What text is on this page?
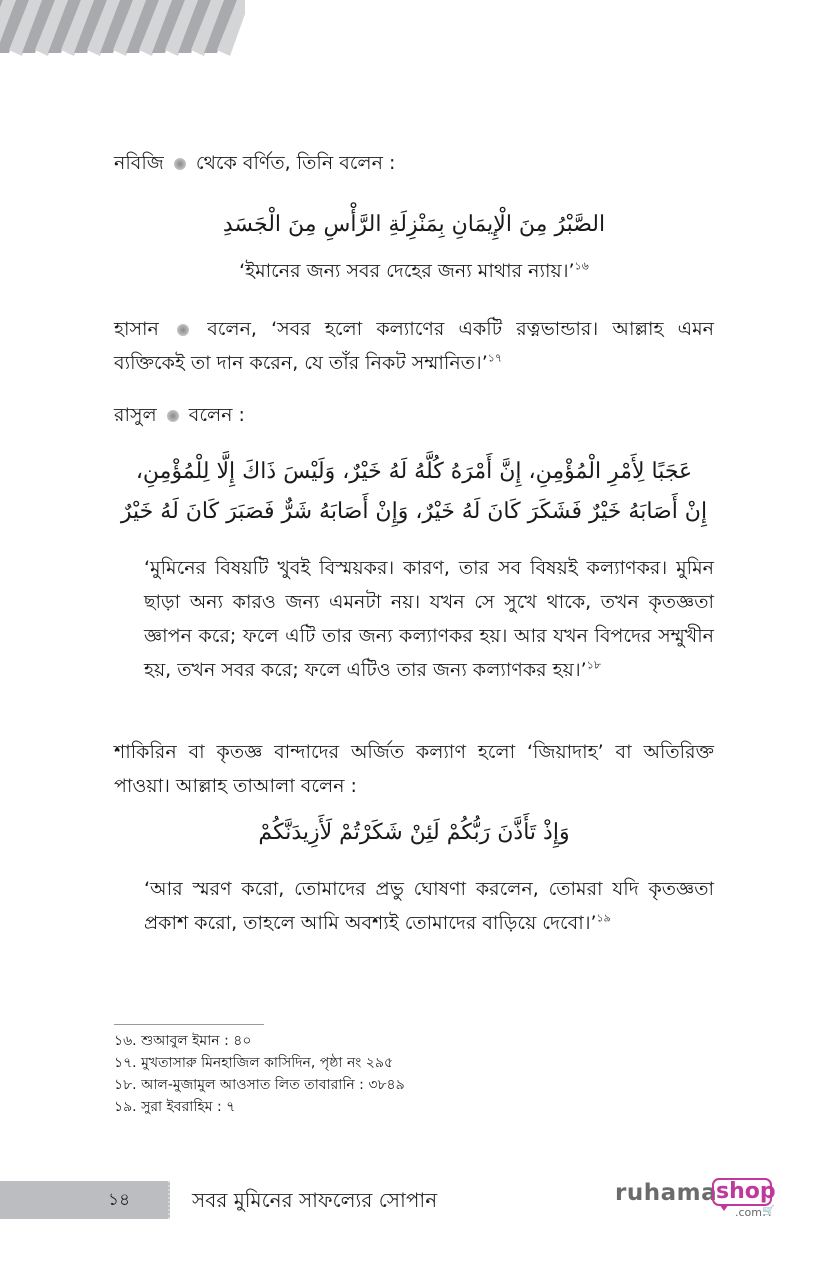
নবিজি থেকে বর্ণিত, তিনি বলেন :
الصَّبْرُ مِنَ الْإِيمَانِ بِمَنْزِلَةِ الرَّأْسِ مِنَ الْجَسَدِ
‘ইমানের জন্য সবর দেহের জন্য মাথার ন্যায়।’$^{১৬}$
হাসান	বলেন, ‘সবর হলো কল্যাণের একটি রত্নভান্ডার। আল্লাহ এমন ব্যক্তিকেই তা দান করেন, যে তাঁর নিকট সম্মানিত।’$^{১৭}$
রাসুল বলেন :
عَجَبًا لِأَمْرِ الْمُؤْمِنِ، إِنَّ أَمْرَهُ كُلَّهُ لَهُ خَيْرٌ، وَلَيْسَ ذَاكَ إِلَّا لِلْمُؤْمِنِ،
إِنْ أَصَابَهُ خَيْرٌ فَشَكَرَ كَانَ لَهُ خَيْرٌ، وَإِنْ أَصَابَهُ شَرٌّ فَصَبَرَ كَانَ لَهُ خَيْرٌ
‘মুমিনের বিষয়টি খুবই বিস্ময়কর। কারণ, তার সব বিষয়ই কল্যাণকর। মুমিন ছাড়া অন্য কারও জন্য এমনটা নয়। যখন সে সুখে থাকে, তখন কৃতজ্ঞতা জ্ঞাপন করে; ফলে এটি তার জন্য কল্যাণকর হয়। আর যখন বিপদের সম্মুখীন হয়, তখন সবর করে; ফলে এটিও তার জন্য কল্যাণকর হয়।’$^{১৮}$
শাকিরিন বা কৃতজ্ঞ বান্দাদের অর্জিত কল্যাণ হলো ‘জিয়াদাহ’ বা অতিরিক্ত পাওয়া। আল্লাহ তাআলা বলেন :
وَإِذْ تَأَذَّنَ رَبُّكُمْ لَئِنْ شَكَرْتُمْ لَأَزِيدَنَّكُمْ
‘আর স্মরণ করো, তোমাদের প্রভু ঘোষণা করলেন, তোমরা যদি কৃতজ্ঞতা প্রকাশ করো, তাহলে আমি অবশ্যই তোমাদের বাড়িয়ে দেবো।’$^{১৯}$
১৬. শুআবুল ইমান : ৪০
১৭. মুখতাসারু মিনহাজিল কাসিদিন, পৃষ্ঠা নং ২৯৫
১৮. আল-মুজামুল আওসাত লিত তাবারানি : ৩৮৪৯
১৯. সুরা ইবরাহিম : ৭
১৪	সবর মুমিনের সাফল্যের সোপান	ruhama
shop
.com 🛒
